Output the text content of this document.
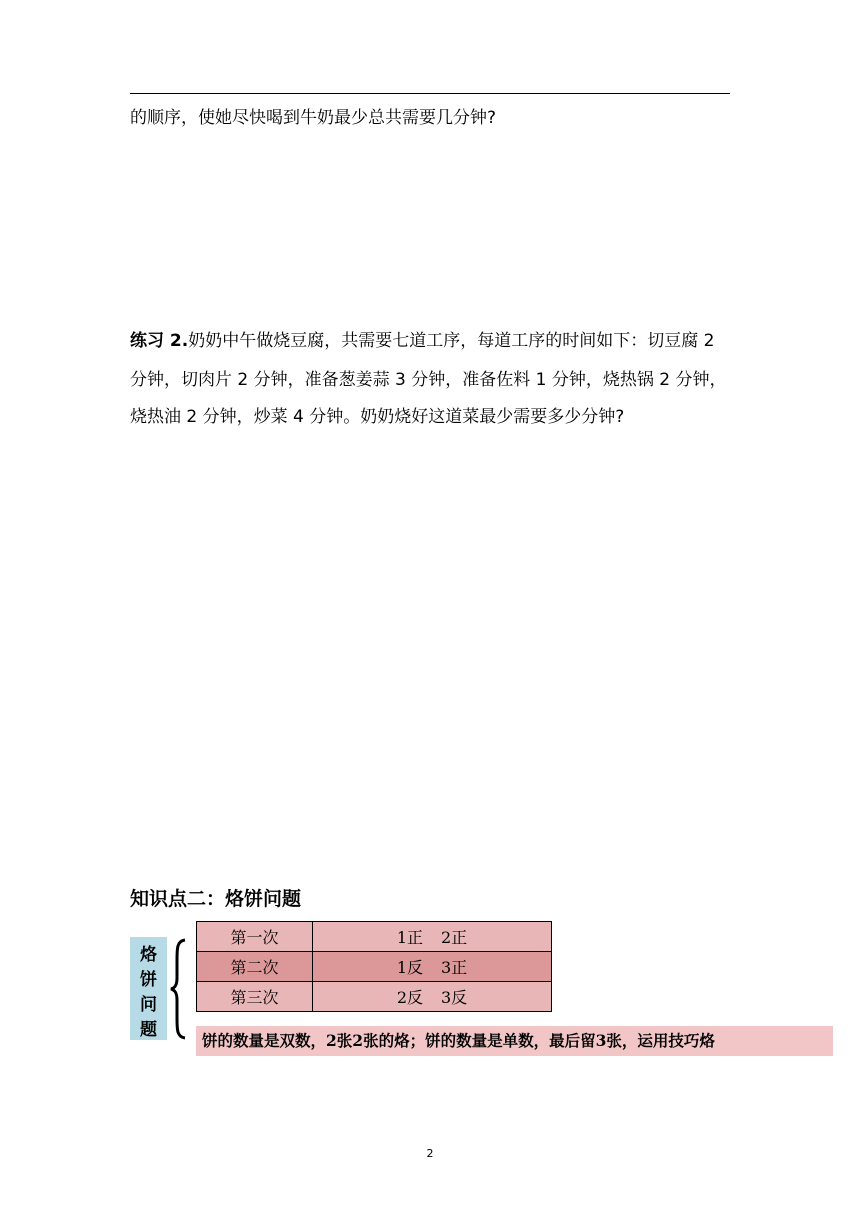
的顺序，使她尽快喝到牛奶最少总共需要几分钟?
练习 2.奶奶中午做烧豆腐，共需要七道工序，每道工序的时间如下：切豆腐 2
分钟，切肉片 2 分钟，准备葱姜蒜 3 分钟，准备佐料 1 分钟，烧热锅 2 分钟，
烧热油 2 分钟，炒菜 4 分钟。奶奶烧好这道菜最少需要多少分钟?
知识点二：烙饼问题
烙
饼
问
题
第一次	1正 2正
第二次	1反 3正
第三次	2反 3反
饼的数量是双数，2张2张的烙；饼的数量是单数，最后留3张，运用技巧烙
2
